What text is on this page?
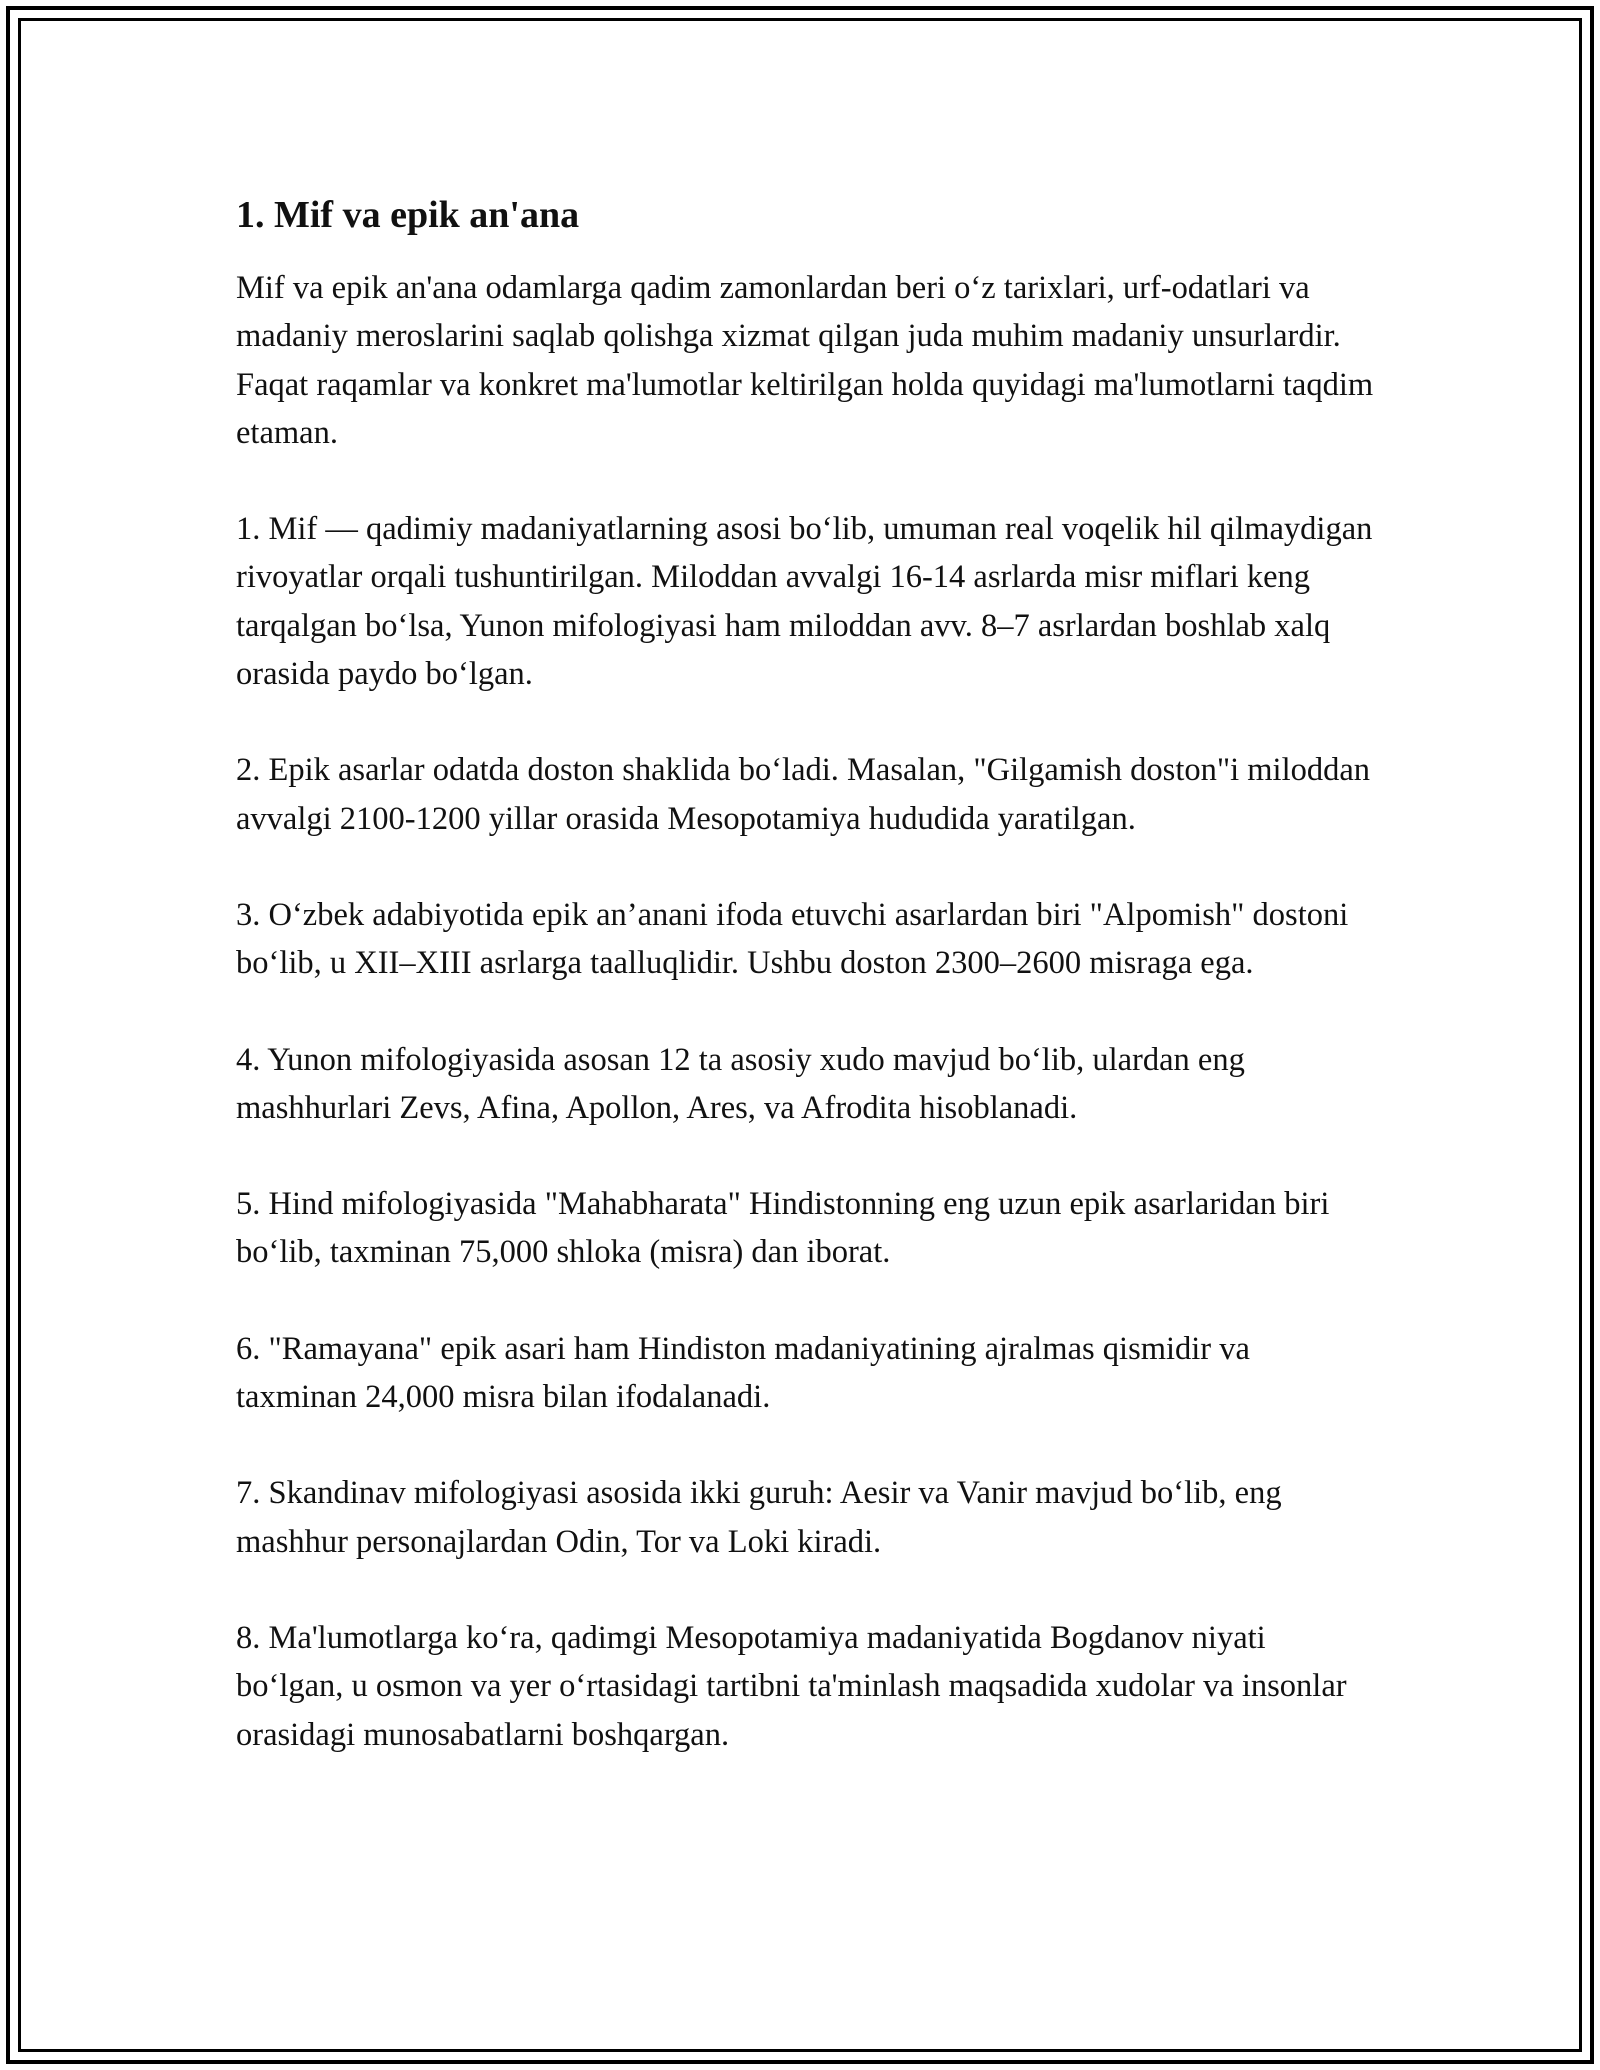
1. Mif va epik an'ana

Mif va epik an'ana odamlarga qadim zamonlardan beri o‘z tarixlari, urf-odatlari va madaniy meroslarini saqlab qolishga xizmat qilgan juda muhim madaniy unsurlardir. Faqat raqamlar va konkret ma'lumotlar keltirilgan holda quyidagi ma'lumotlarni taqdim etaman.

1. Mif — qadimiy madaniyatlarning asosi bo‘lib, umuman real voqelik hil qilmaydigan rivoyatlar orqali tushuntirilgan. Miloddan avvalgi 16-14 asrlarda misr miflari keng tarqalgan bo‘lsa, Yunon mifologiyasi ham miloddan avv. 8–7 asrlardan boshlab xalq orasida paydo bo‘lgan.

2. Epik asarlar odatda doston shaklida bo‘ladi. Masalan, "Gilgamish doston"i miloddan avvalgi 2100-1200 yillar orasida Mesopotamiya hududida yaratilgan.

3. O‘zbek adabiyotida epik an’anani ifoda etuvchi asarlardan biri "Alpomish" dostoni bo‘lib, u XII–XIII asrlarga taalluqlidir. Ushbu doston 2300–2600 misraga ega.

4. Yunon mifologiyasida asosan 12 ta asosiy xudo mavjud bo‘lib, ulardan eng mashhurlari Zevs, Afina, Apollon, Ares, va Afrodita hisoblanadi.

5. Hind mifologiyasida "Mahabharata" Hindistonning eng uzun epik asarlaridan biri bo‘lib, taxminan 75,000 shloka (misra) dan iborat.

6. "Ramayana" epik asari ham Hindiston madaniyatining ajralmas qismidir va taxminan 24,000 misra bilan ifodalanadi.

7. Skandinav mifologiyasi asosida ikki guruh: Aesir va Vanir mavjud bo‘lib, eng mashhur personajlardan Odin, Tor va Loki kiradi.

8. Ma'lumotlarga ko‘ra, qadimgi Mesopotamiya madaniyatida Bogdanov niyati bo‘lgan, u osmon va yer o‘rtasidagi tartibni ta'minlash maqsadida xudolar va insonlar orasidagi munosabatlarni boshqargan.
